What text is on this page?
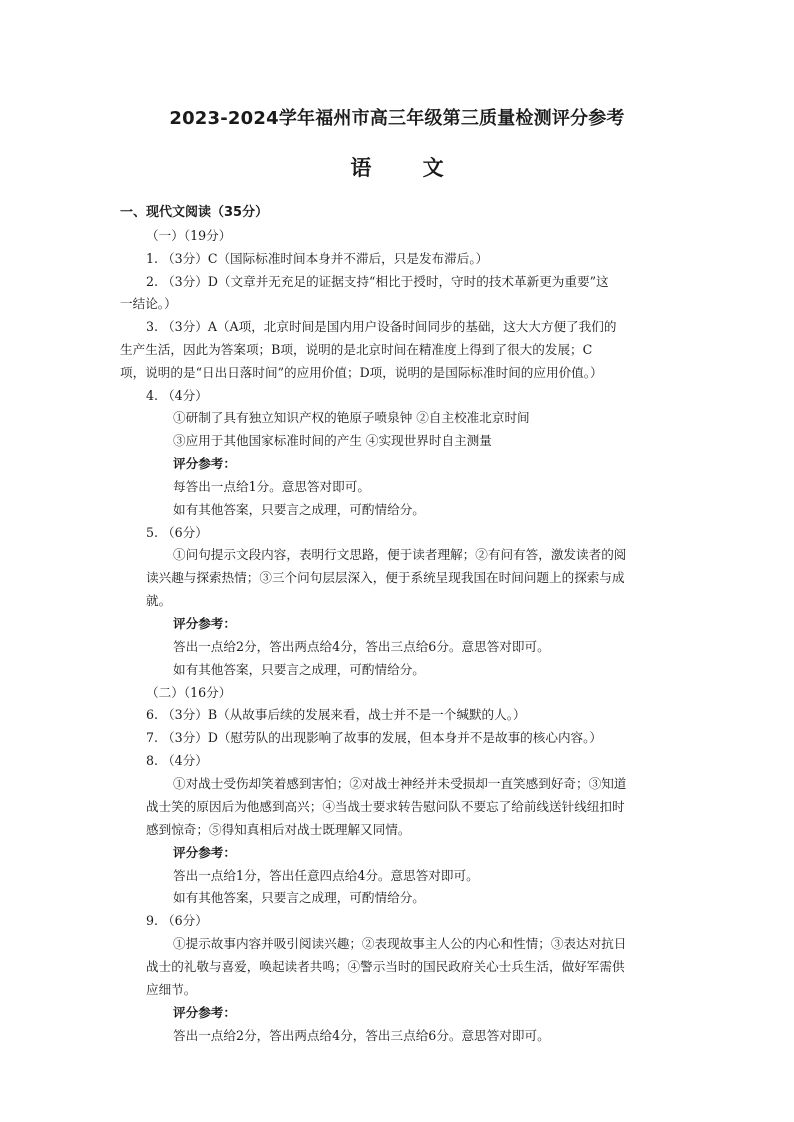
2023-2024学年福州市高三年级第三质量检测评分参考
语 文
一、现代文阅读（35分）
（一）（19分）
1. （3分）C（国际标准时间本身并不滞后，只是发布滞后。）
2. （3分）D（文章并无充足的证据支持“相比于授时，守时的技术革新更为重要”这
一结论。）
3. （3分）A（A项，北京时间是国内用户设备时间同步的基础，这大大方便了我们的
生产生活，因此为答案项；B项，说明的是北京时间在精准度上得到了很大的发展；C
项，说明的是“日出日落时间”的应用价值；D项，说明的是国际标准时间的应用价值。）
4. （4分）
①研制了具有独立知识产权的铯原子喷泉钟 ②自主校准北京时间
③应用于其他国家标准时间的产生 ④实现世界时自主测量
评分参考：
每答出一点给1分。意思答对即可。
如有其他答案，只要言之成理，可酌情给分。
5. （6分）
①问句提示文段内容，表明行文思路，便于读者理解；②有问有答，激发读者的阅
读兴趣与探索热情；③三个问句层层深入，便于系统呈现我国在时间问题上的探索与成
就。
评分参考：
答出一点给2分，答出两点给4分，答出三点给6分。意思答对即可。
如有其他答案，只要言之成理，可酌情给分。
（二）（16分）
6. （3分）B（从故事后续的发展来看，战士并不是一个缄默的人。）
7. （3分）D（慰劳队的出现影响了故事的发展，但本身并不是故事的核心内容。）
8. （4分）
①对战士受伤却笑着感到害怕；②对战士神经并未受损却一直笑感到好奇；③知道
战士笑的原因后为他感到高兴；④当战士要求转告慰问队不要忘了给前线送针线纽扣时
感到惊奇；⑤得知真相后对战士既理解又同情。
评分参考：
答出一点给1分，答出任意四点给4分。意思答对即可。
如有其他答案，只要言之成理，可酌情给分。
9. （6分）
①提示故事内容并吸引阅读兴趣；②表现故事主人公的内心和性情；③表达对抗日
战士的礼敬与喜爱，唤起读者共鸣；④警示当时的国民政府关心士兵生活，做好军需供
应细节。
评分参考：
答出一点给2分，答出两点给4分，答出三点给6分。意思答对即可。
